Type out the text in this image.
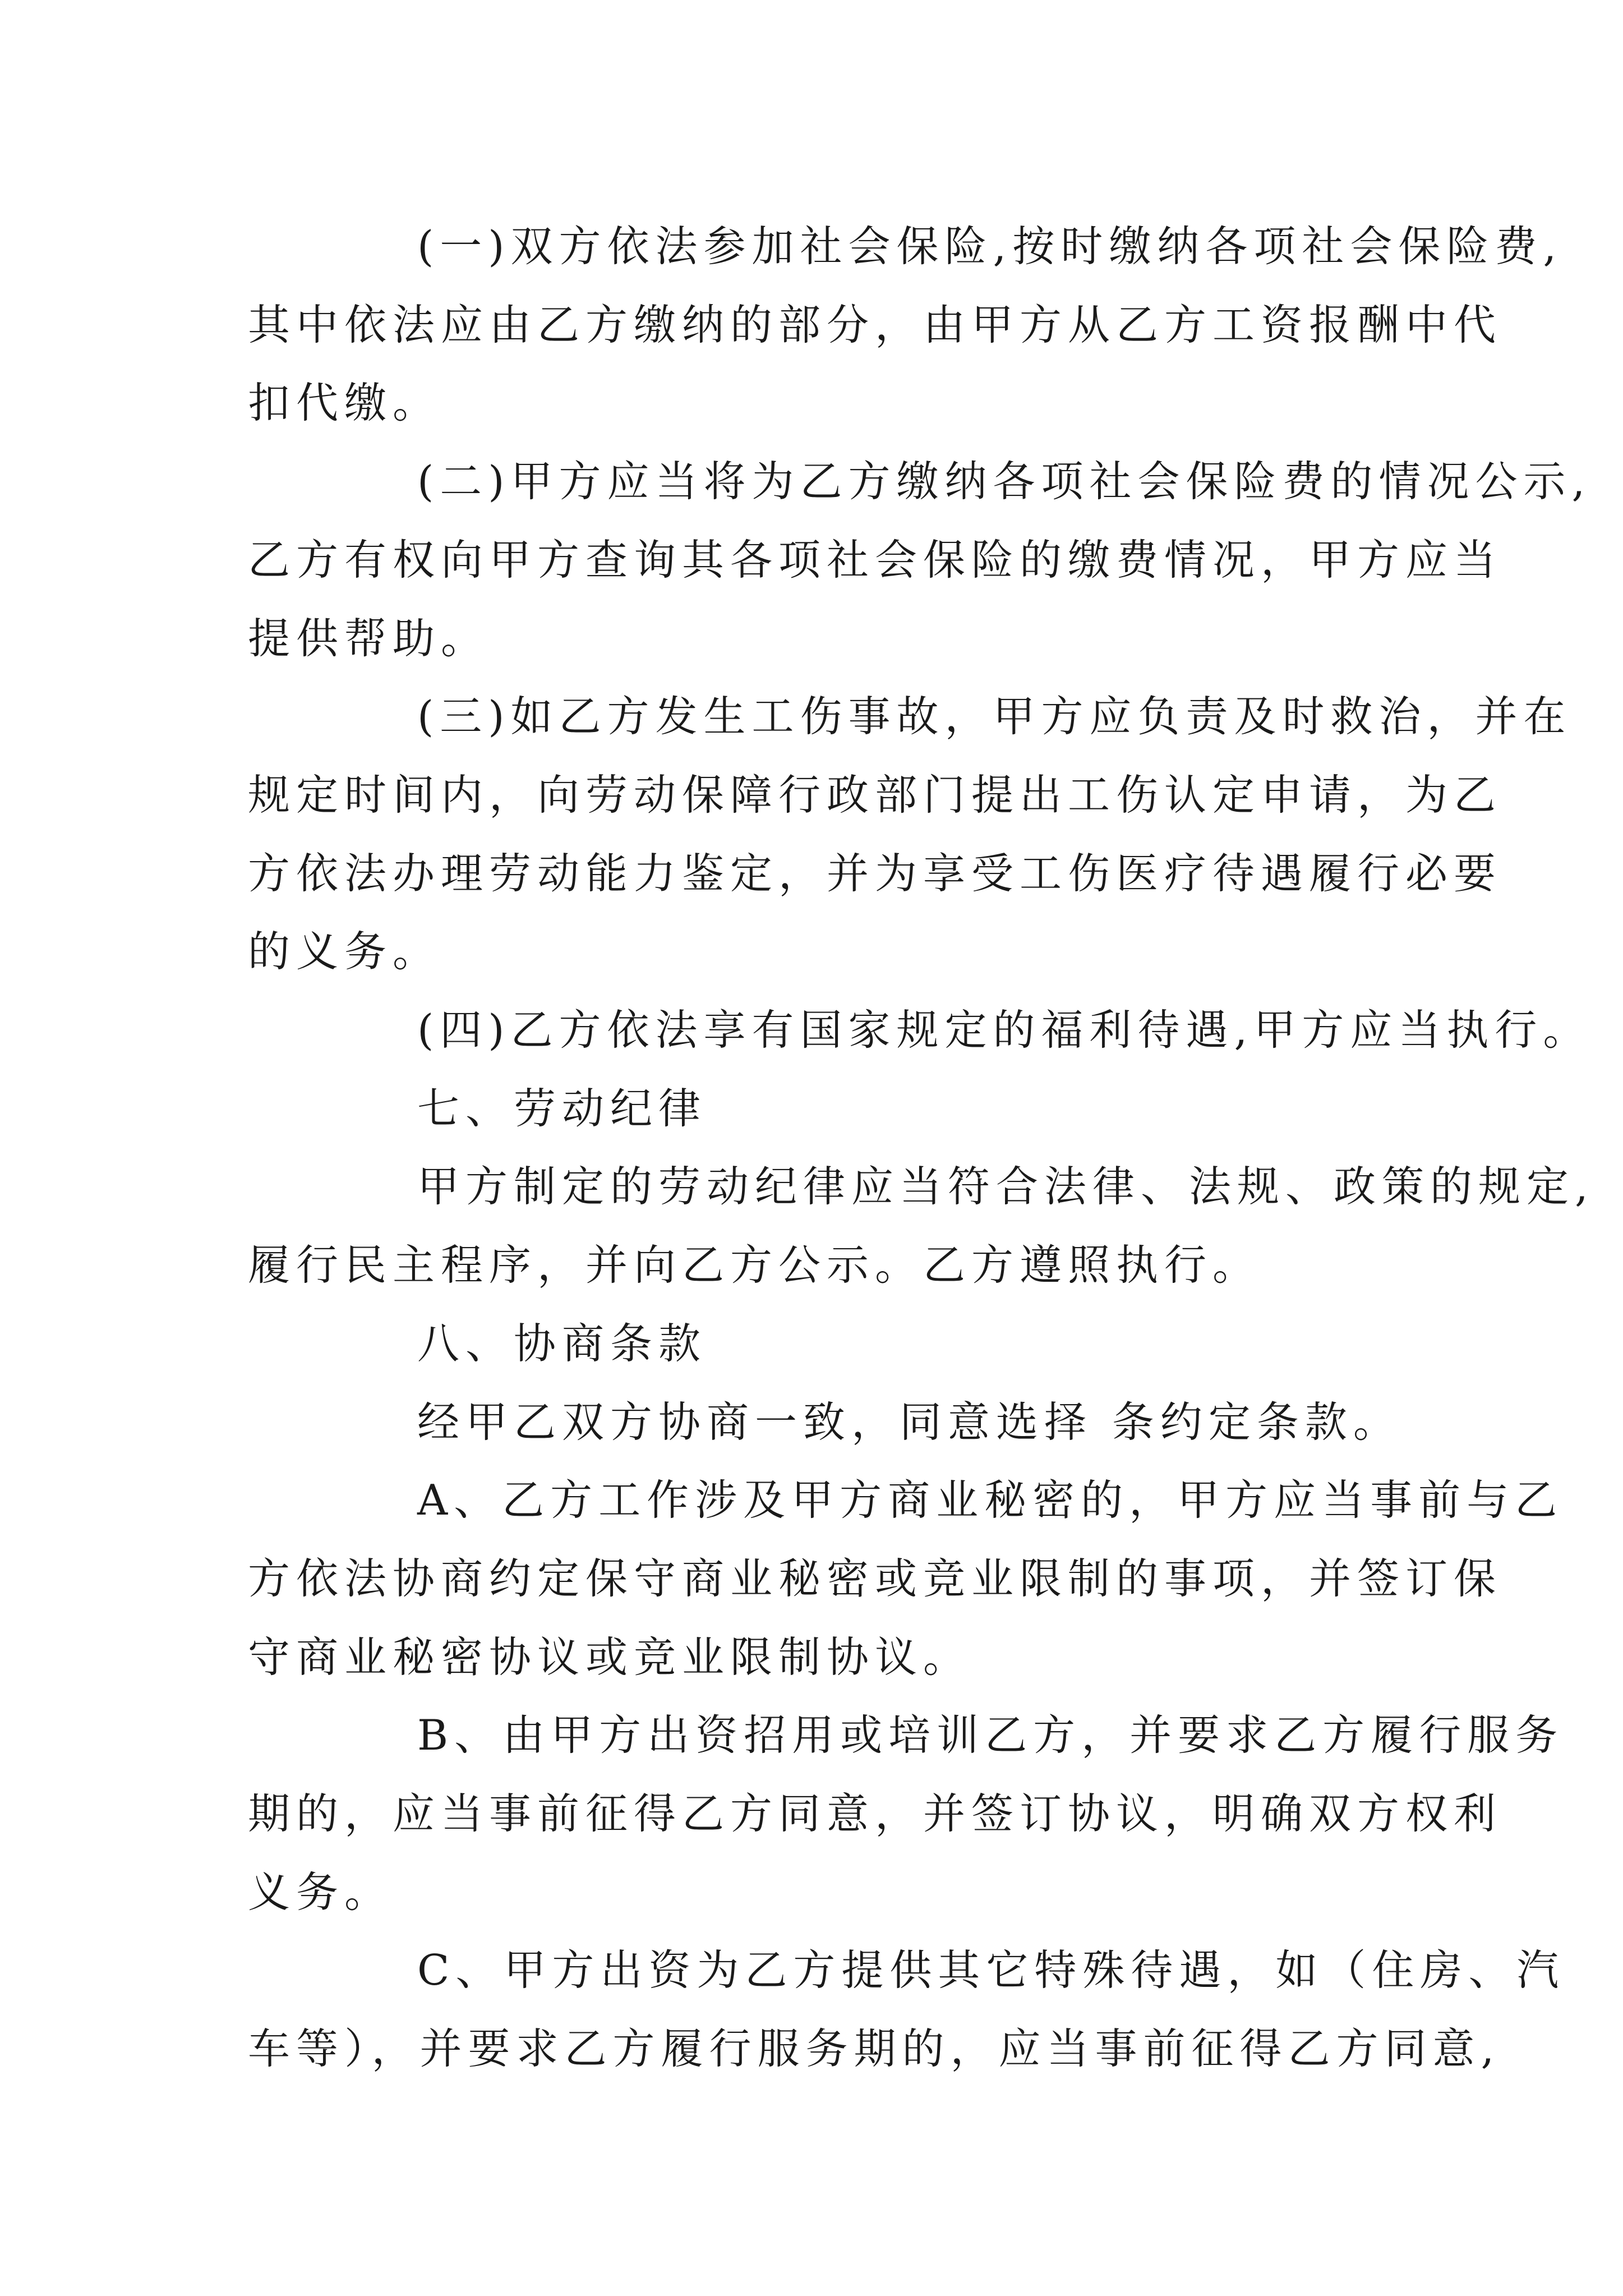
(一)双方依法参加社会保险,按时缴纳各项社会保险费,
其中依法应由乙方缴纳的部分，由甲方从乙方工资报酬中代
扣代缴。

(二)甲方应当将为乙方缴纳各项社会保险费的情况公示,
乙方有权向甲方查询其各项社会保险的缴费情况，甲方应当
提供帮助。

(三)如乙方发生工伤事故，甲方应负责及时救治，并在
规定时间内，向劳动保障行政部门提出工伤认定申请，为乙
方依法办理劳动能力鉴定，并为享受工伤医疗待遇履行必要
的义务。

(四)乙方依法享有国家规定的福利待遇,甲方应当执行。

七、劳动纪律

甲方制定的劳动纪律应当符合法律、法规、政策的规定,
履行民主程序，并向乙方公示。乙方遵照执行。

八、协商条款

经甲乙双方协商一致，同意选择 条约定条款。

A、乙方工作涉及甲方商业秘密的，甲方应当事前与乙
方依法协商约定保守商业秘密或竞业限制的事项，并签订保
守商业秘密协议或竞业限制协议。

B、由甲方出资招用或培训乙方，并要求乙方履行服务
期的，应当事前征得乙方同意，并签订协议，明确双方权利
义务。

C、甲方出资为乙方提供其它特殊待遇，如（住房、汽
车等），并要求乙方履行服务期的，应当事前征得乙方同意,
